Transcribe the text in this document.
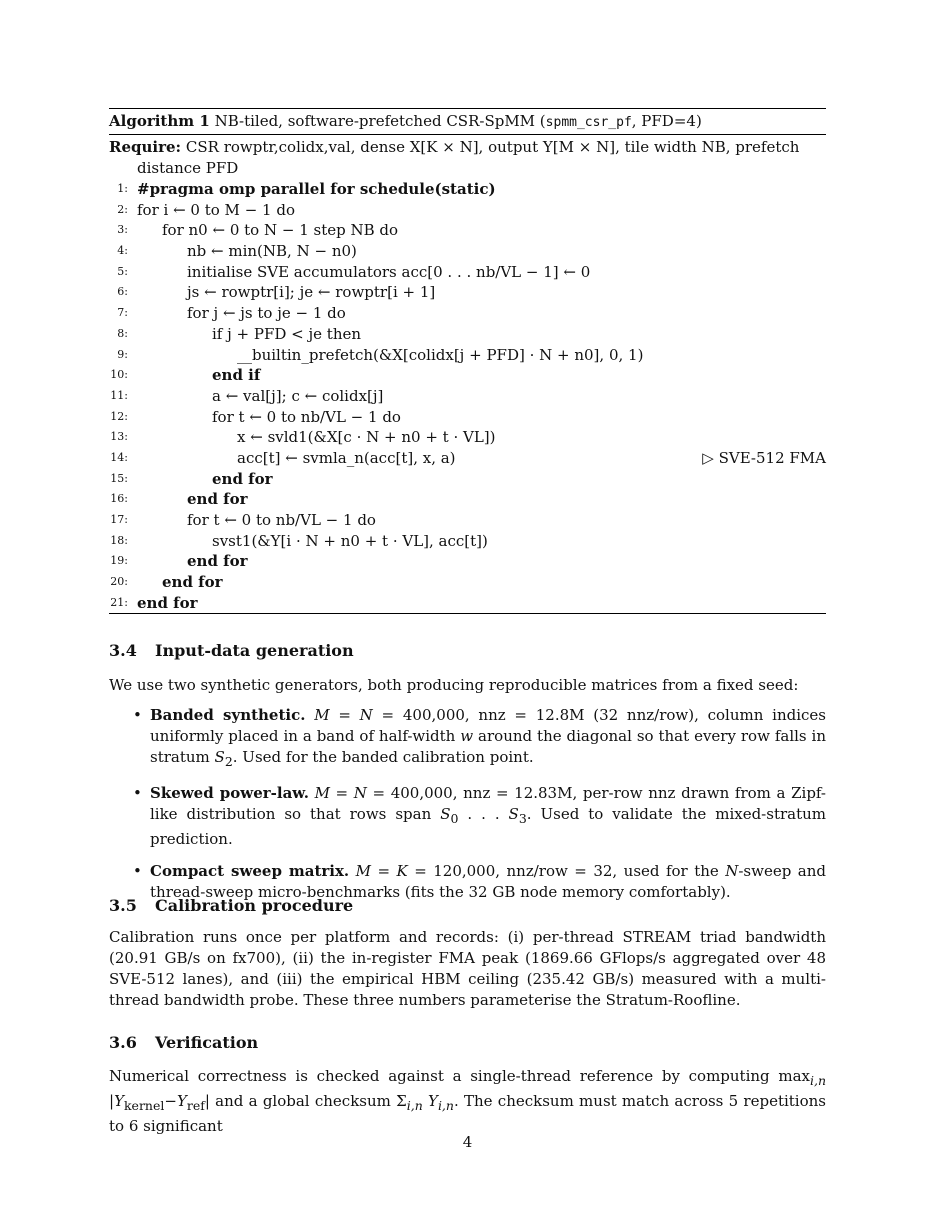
Algorithm 1 NB-tiled, software-prefetched CSR-SpMM (spmm_csr_pf, PFD=4)
Require: CSR rowptr,colidx,val, dense X[K × N], output Y[M × N], tile width NB, prefetch
distance PFD
1: #pragma omp parallel for schedule(static)
2: for i ← 0 to M − 1 do
3: for n0 ← 0 to N − 1 step NB do
4:	nb ← min(NB, N − n0)
5:	initialise SVE accumulators acc[0 . . . nb/VL − 1] ← 0
6:	js ← rowptr[i]; je ← rowptr[i + 1]
7:	for j ← js to je − 1 do
8:	if j + PFD < je then
9:	__builtin_prefetch(&X[colidx[j + PFD] · N + n0], 0, 1)
10:	end if
11:	a ← val[j]; c ← colidx[j]
12:	for t ← 0 to nb/VL − 1 do
13:	x ← svld1(&X[c · N + n0 + t · VL])
14:	acc[t] ← svmla_n(acc[t], x, a)	▷ SVE-512 FMA
15:	end for
16:	end for
17:	for t ← 0 to nb/VL − 1 do
18:	svst1(&Y[i · N + n0 + t · VL], acc[t])
19:	end for
20: end for
21: end for
3.4 Input-data generation
We use two synthetic generators, both producing reproducible matrices from a fixed seed:
• Banded synthetic. M = N = 400,000, nnz = 12.8M (32 nnz/row), column indices uniformly placed in a band of half-width w around the diagonal so that every row falls in stratum $S_2$. Used for the banded calibration point.
• Skewed power-law. M = N = 400,000, nnz = 12.83M, per-row nnz drawn from a Zipf-like distribution so that rows span $S_0$ . . . $S_3$. Used to validate the mixed-stratum prediction.
• Compact sweep matrix. M = K = 120,000, nnz/row = 32, used for the N-sweep and thread-sweep micro-benchmarks (fits the 32 GB node memory comfortably).
3.5 Calibration procedure
Calibration runs once per platform and records: (i) per-thread STREAM triad bandwidth (20.91 GB/s on fx700), (ii) the in-register FMA peak (1869.66 GFlops/s aggregated over 48 SVE-512 lanes), and (iii) the empirical HBM ceiling (235.42 GB/s) measured with a multi-thread bandwidth probe. These three numbers parameterise the Stratum-Roofline.
3.6 Verification
Numerical correctness is checked against a single-thread reference by computing $\max_{i,n} |Y_{kernel}-Y_{ref}|$ and a global checksum $\Sigma_{i,n}$ $Y_{i,n}$. The checksum must match across 5 repetitions to 6 significant
4
